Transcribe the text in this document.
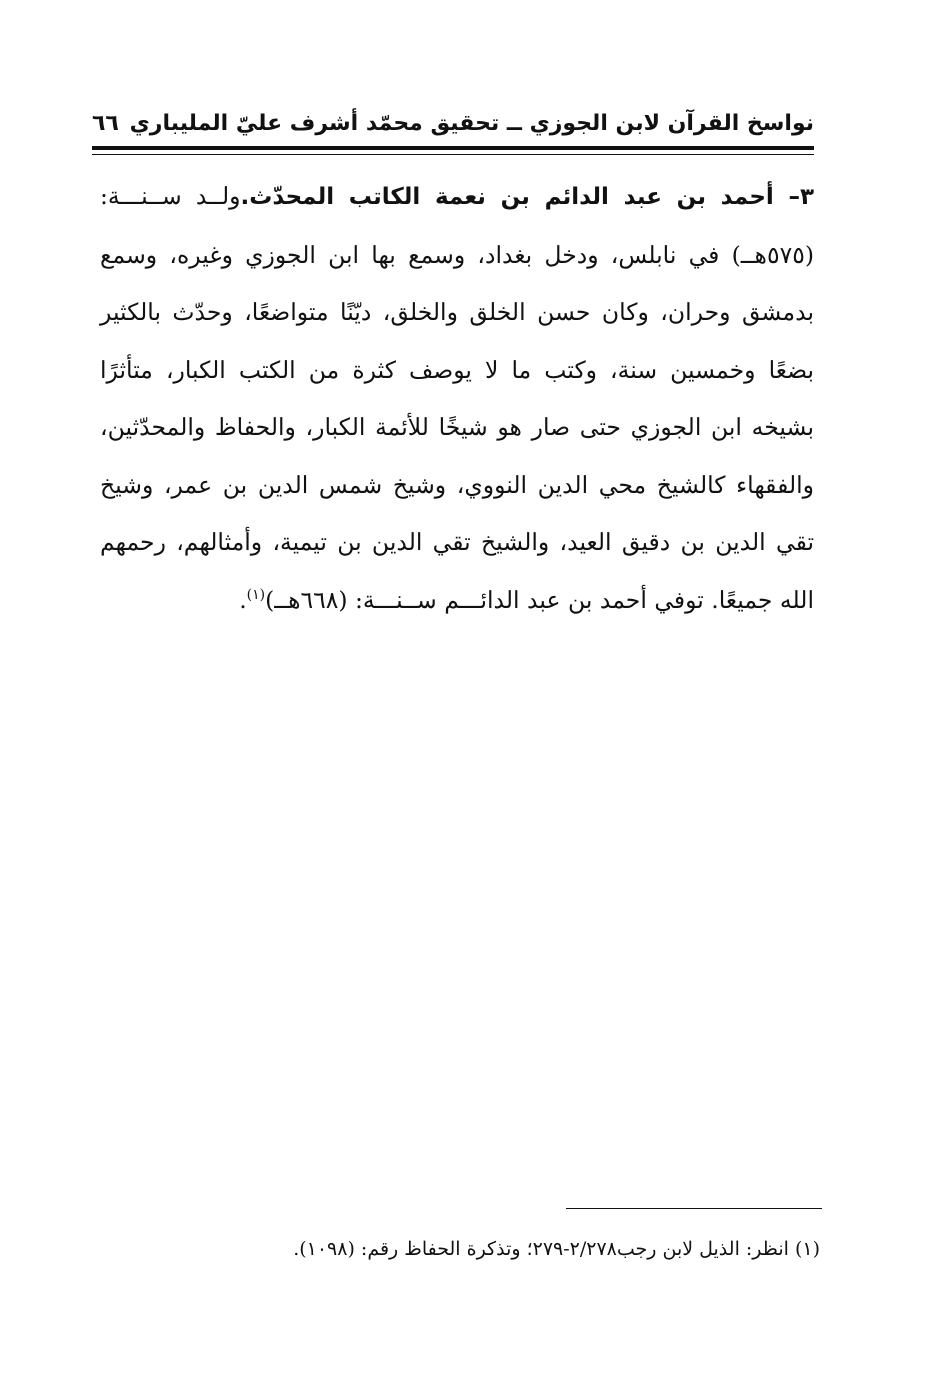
نواسخ القرآن لابن الجوزي ــ تحقيق محمّد أشرف عليّ المليباري
٦٦

٣– أحمد بن عبد الدائم بن نعمة الكاتب المحدّث.ولــد ســنـــة: (٥٧٥هــ) في نابلس، ودخل بغداد، وسمع بها ابن الجوزي وغيره، وسمع بدمشق وحران، وكان حسن الخلق والخلق، ديّنًا متواضعًا، وحدّث بالكثير بضعًا وخمسين سنة، وكتب ما لا يوصف كثرة من الكتب الكبار، متأثرًا بشيخه ابن الجوزي حتى صار هو شيخًا للأئمة الكبار، والحفاظ والمحدّثين، والفقهاء كالشيخ محي الدين النووي، وشيخ شمس الدين بن عمر، وشيخ تقي الدين بن دقيق العيد، والشيخ تقي الدين بن تيمية، وأمثالهم، رحمهم الله جميعًا. توفي أحمد بن عبد الدائـــم ســنـــة: (٦٦٨هــ)$^{(١)}$.

(١)انظر: الذيل لابن رجب٢/٢٧٨-٢٧٩؛ وتذكرة الحفاظ رقم: (١٠٩٨).
